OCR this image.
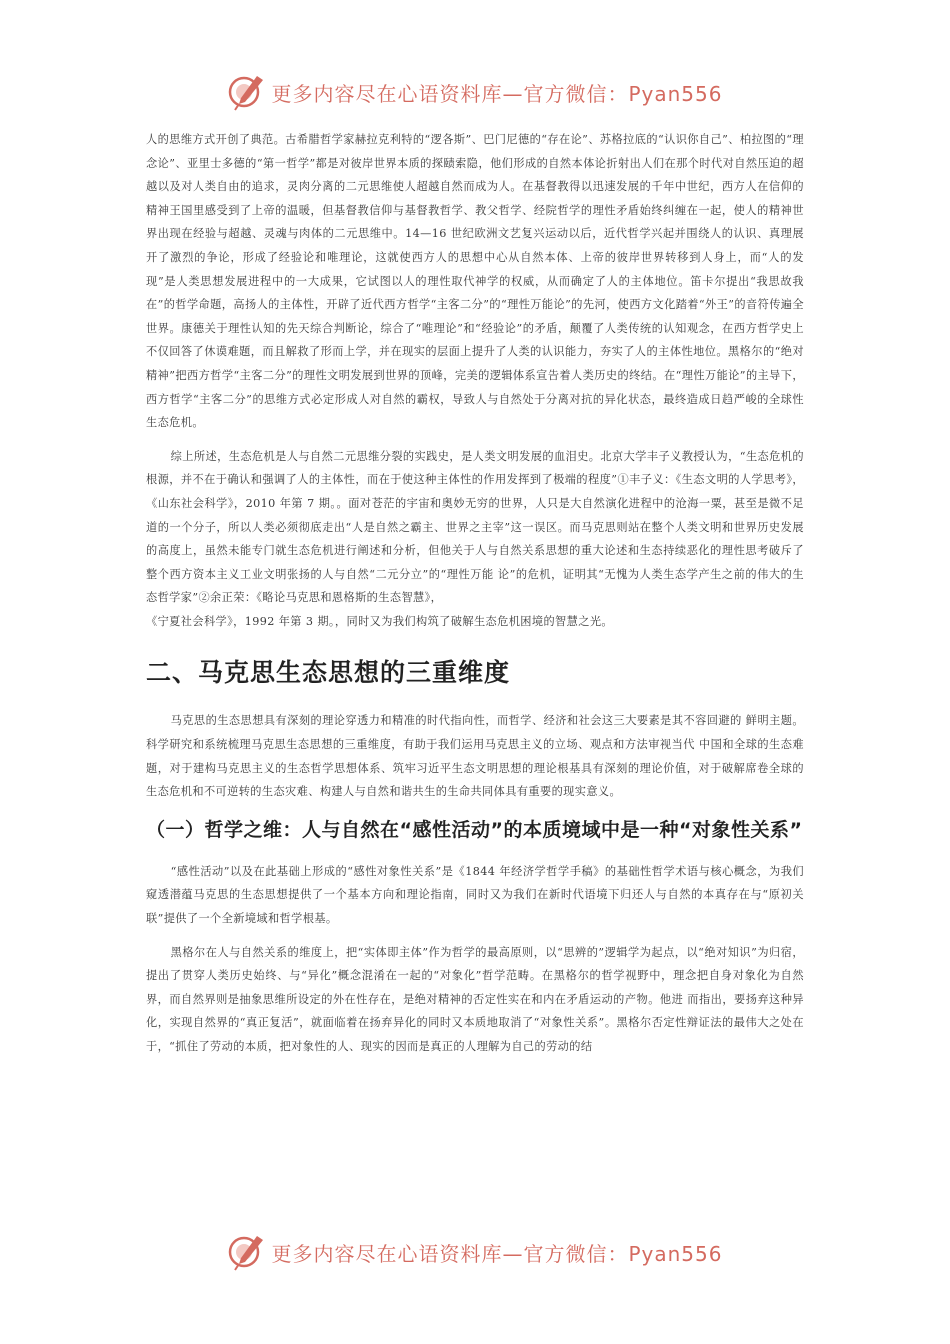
更多内容尽在心语资料库—官方微信：Pyan556

人的思维方式开创了典范。古希腊哲学家赫拉克利特的“逻各斯”、巴门尼德的“存在论”、苏格拉底的“认识你自己”、柏拉图的“理念论”、亚里士多德的“第一哲学”都是对彼岸世界本质的探赜索隐，他们形成的自然本体论折射出人们在那个时代对自然压迫的超越以及对人类自由的追求，灵肉分离的二元思维使人超越自然而成为人。在基督教得以迅速发展的千年中世纪，西方人在信仰的精神王国里感受到了上帝的温暖，但基督教信仰与基督教哲学、教父哲学、经院哲学的理性矛盾始终纠缠在一起，使人的精神世界出现在经验与超越、灵魂与肉体的二元思维中。14—16 世纪欧洲文艺复兴运动以后，近代哲学兴起并围绕人的认识、真理展开了激烈的争论，形成了经验论和唯理论，这就使西方人的思想中心从自然本体、上帝的彼岸世界转移到人身上，而“人的发现”是人类思想发展进程中的一大成果，它试图以人的理性取代神学的权威，从而确定了人的主体地位。笛卡尔提出“我思故我在”的哲学命题，高扬人的主体性，开辟了近代西方哲学“主客二分”的“理性万能论”的先河，使西方文化踏着“外王”的音符传遍全世界。康德关于理性认知的先天综合判断论，综合了“唯理论”和“经验论”的矛盾，颠覆了人类传统的认知观念，在西方哲学史上不仅回答了休谟难题，而且解救了形而上学，并在现实的层面上提升了人类的认识能力，夯实了人的主体性地位。黑格尔的“绝对精神”把西方哲学“主客二分”的理性文明发展到世界的顶峰，完美的逻辑体系宣告着人类历史的终结。在“理性万能论”的主导下，西方哲学“主客二分”的思维方式必定形成人对自然的霸权，导致人与自然处于分离对抗的异化状态，最终造成日趋严峻的全球性生态危机。

综上所述，生态危机是人与自然二元思维分裂的实践史，是人类文明发展的血泪史。北京大学丰子义教授认为，“生态危机的根源，并不在于确认和强调了人的主体性，而在于使这种主体性的作用发挥到了极端的程度”①丰子义：《生态文明的人学思考》，《山东社会科学》，2010 年第 7 期。。面对苍茫的宇宙和奥妙无穷的世界，人只是大自然演化进程中的沧海一粟，甚至是微不足道的一个分子，所以人类必须彻底走出“人是自然之霸主、世界之主宰”这一误区。而马克思则站在整个人类文明和世界历史发展的高度上，虽然未能专门就生态危机进行阐述和分析，但他关于人与自然关系思想的重大论述和生态持续恶化的理性思考破斥了整个西方资本主义工业文明张扬的人与自然“二元分立”的“理性万能 论”的危机，证明其“无愧为人类生态学产生之前的伟大的生态哲学家”②余正荣：《略论马克思和恩格斯的生态智慧》，

《宁夏社会科学》，1992 年第 3 期。，同时又为我们构筑了破解生态危机困境的智慧之光。

二、马克思生态思想的三重维度

马克思的生态思想具有深刻的理论穿透力和精准的时代指向性，而哲学、经济和社会这三大要素是其不容回避的 鲜明主题。科学研究和系统梳理马克思生态思想的三重维度，有助于我们运用马克思主义的立场、观点和方法审视当代 中国和全球的生态难题，对于建构马克思主义的生态哲学思想体系、筑牢习近平生态文明思想的理论根基具有深刻的理论价值，对于破解席卷全球的生态危机和不可逆转的生态灾难、构建人与自然和谐共生的生命共同体具有重要的现实意义。

（一）哲学之维：人与自然在“感性活动”的本质境域中是一种“对象性关系”

“感性活动”以及在此基础上形成的“感性对象性关系”是《1844 年经济学哲学手稿》的基础性哲学术语与核心概念，为我们窥透潜蕴马克思的生态思想提供了一个基本方向和理论指南，同时又为我们在新时代语境下归还人与自然的本真存在与“原初关联”提供了一个全新境域和哲学根基。

黑格尔在人与自然关系的维度上，把“实体即主体”作为哲学的最高原则，以“思辨的”逻辑学为起点，以“绝对知识”为归宿，提出了贯穿人类历史始终、与“异化”概念混淆在一起的“对象化”哲学范畴。在黑格尔的哲学视野中，理念把自身对象化为自然界，而自然界则是抽象思维所设定的外在性存在，是绝对精神的否定性实在和内在矛盾运动的产物。他进 而指出，要扬弃这种异化，实现自然界的“真正复活”，就面临着在扬弃异化的同时又本质地取消了“对象性关系”。黑格尔否定性辩证法的最伟大之处在于，“抓住了劳动的本质，把对象性的人、现实的因而是真正的人理解为自己的劳动的结

更多内容尽在心语资料库—官方微信：Pyan556
